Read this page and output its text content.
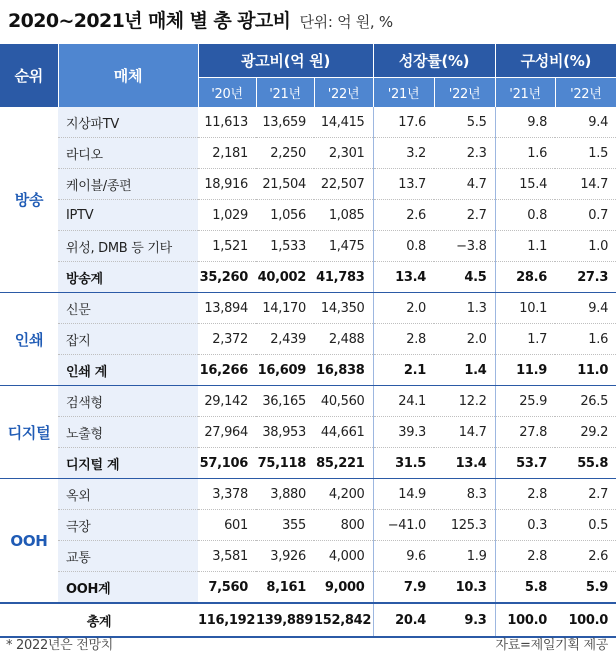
2020~2021년 매체 별 총 광고비 단위: 억 원, %
순위	매체	광고비(억 원)			성장률(%)		구성비(%)	
		'20년	'21년	'22년	'21년	'22년	'21년	'22년
방송	지상파TV	11,613	13,659	14,415	17.6	5.5	9.8	9.4
	라디오	2,181	2,250	2,301	3.2	2.3	1.6	1.5
	케이블/종편	18,916	21,504	22,507	13.7	4.7	15.4	14.7
	IPTV	1,029	1,056	1,085	2.6	2.7	0.8	0.7
	위성, DMB 등 기타	1,521	1,533	1,475	0.8	−3.8	1.1	1.0
	방송계	35,260	40,002	41,783	13.4	4.5	28.6	27.3
인쇄	신문	13,894	14,170	14,350	2.0	1.3	10.1	9.4
	잡지	2,372	2,439	2,488	2.8	2.0	1.7	1.6
	인쇄 계	16,266	16,609	16,838	2.1	1.4	11.9	11.0
디지털	검색형	29,142	36,165	40,560	24.1	12.2	25.9	26.5
	노출형	27,964	38,953	44,661	39.3	14.7	27.8	29.2
	디지털 계	57,106	75,118	85,221	31.5	13.4	53.7	55.8
OOH	옥외	3,378	3,880	4,200	14.9	8.3	2.8	2.7
	극장	601	355	800	−41.0	125.3	0.3	0.5
	교통	3,581	3,926	4,000	9.6	1.9	2.8	2.6
	OOH계	7,560	8,161	9,000	7.9	10.3	5.8	5.9
총계		116,192	139,889	152,842	20.4	9.3	100.0	100.0
* 2022년은 전망치	자료=제일기획 제공
